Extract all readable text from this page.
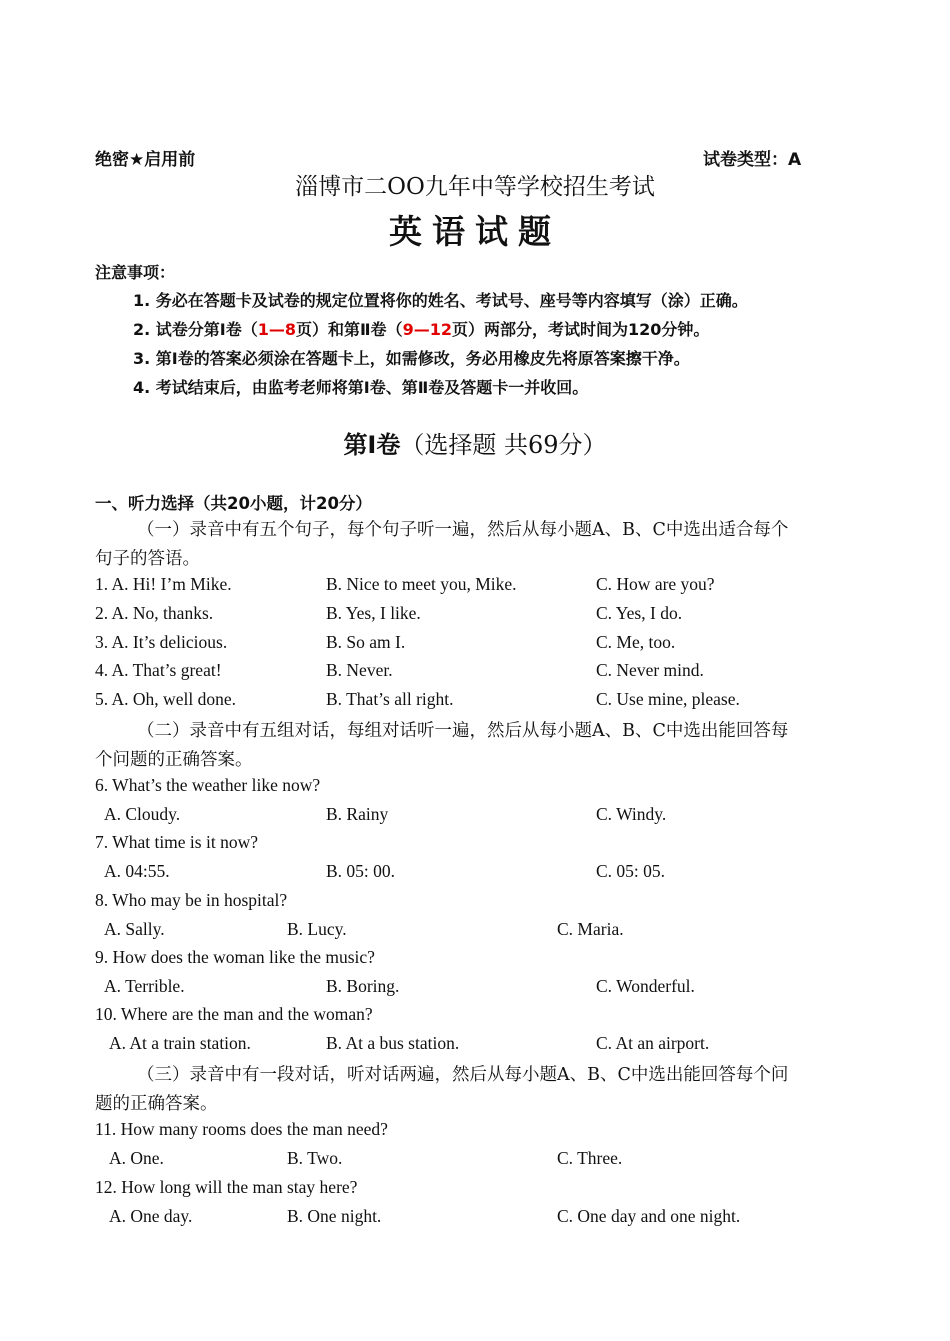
绝密★启用前	试卷类型：A
淄博市二OO九年中等学校招生考试
英语试题
注意事项：
1. 务必在答题卡及试卷的规定位置将你的姓名、考试号、座号等内容填写（涂）正确。
2. 试卷分第Ⅰ卷（1—8页）和第Ⅱ卷（9—12页）两部分，考试时间为120分钟。
3. 第Ⅰ卷的答案必须涂在答题卡上，如需修改，务必用橡皮先将原答案擦干净。
4. 考试结束后，由监考老师将第Ⅰ卷、第Ⅱ卷及答题卡一并收回。
第Ⅰ卷（选择题 共69分）
一、听力选择（共20小题，计20分）
（一）录音中有五个句子，每个句子听一遍，然后从每小题A、B、C中选出适合每个
句子的答语。
1. A. Hi! I’m Mike.	B. Nice to meet you, Mike.	C. How are you?
2. A. No, thanks.	B. Yes, I like.	C. Yes, I do.
3. A. It’s delicious.	B. So am I.	C. Me, too.
4. A. That’s great!	B. Never.	C. Never mind.
5. A. Oh, well done.	B. That’s all right.	C. Use mine, please.
（二）录音中有五组对话，每组对话听一遍，然后从每小题A、B、C中选出能回答每
个问题的正确答案。
6. What’s the weather like now?
A. Cloudy.	B. Rainy	C. Windy.
7. What time is it now?
A. 04:55.	B. 05: 00.	C. 05: 05.
8. Who may be in hospital?
A. Sally.	B. Lucy.	C. Maria.
9. How does the woman like the music?
A. Terrible.	B. Boring.	C. Wonderful.
10. Where are the man and the woman?
A. At a train station.	B. At a bus station.	C. At an airport.
（三）录音中有一段对话，听对话两遍，然后从每小题A、B、C中选出能回答每个问
题的正确答案。
11. How many rooms does the man need?
A. One.	B. Two.	C. Three.
12. How long will the man stay here?
A. One day.	B. One night.	C. One day and one night.
